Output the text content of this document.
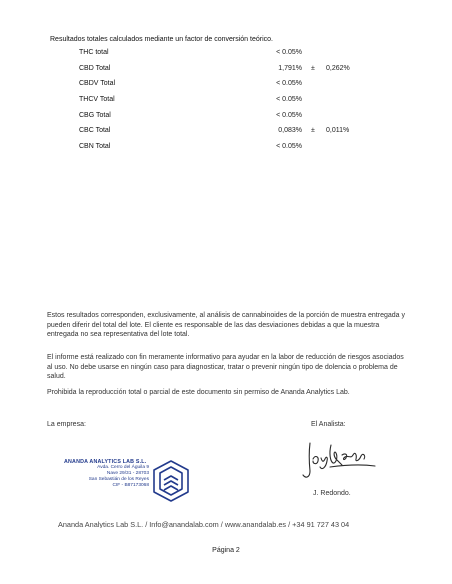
Resultados totales calculados mediante un factor de conversión teórico.
THC total	< 0.05%
CBD Total	1,791% ± 0,262%
CBDV Total	< 0.05%
THCV Total	< 0.05%
CBG Total	< 0.05%
CBC Total	0,083% ± 0,011%
CBN Total	< 0.05%

Estos resultados corresponden, exclusivamente, al análisis de cannabinoides de la porción de muestra entregada y pueden diferir del total del lote. El cliente es responsable de las das desviaciones debidas a que la muestra entregada no sea representativa del lote total.

El informe está realizado con fin meramente informativo para ayudar en la labor de reducción de riesgos asociados al uso. No debe usarse en ningún caso para diagnosticar, tratar o prevenir ningún tipo de dolencia o problema de salud.

Prohibida la reproducción total o parcial de este documento sin permiso de Ananda Analytics Lab.

La empresa:	El Analista:
ANANDA ANALYTICS LAB S.L.
Avda. Cerro del Águila 9
Nave 29/31 - 28703
San Sebastián de los Reyes
CIF - B87173068
J. Redondo.
Ananda Analytics Lab S.L. / Info@anandalab.com / www.anandalab.es / +34 91 727 43 04
Página 2
